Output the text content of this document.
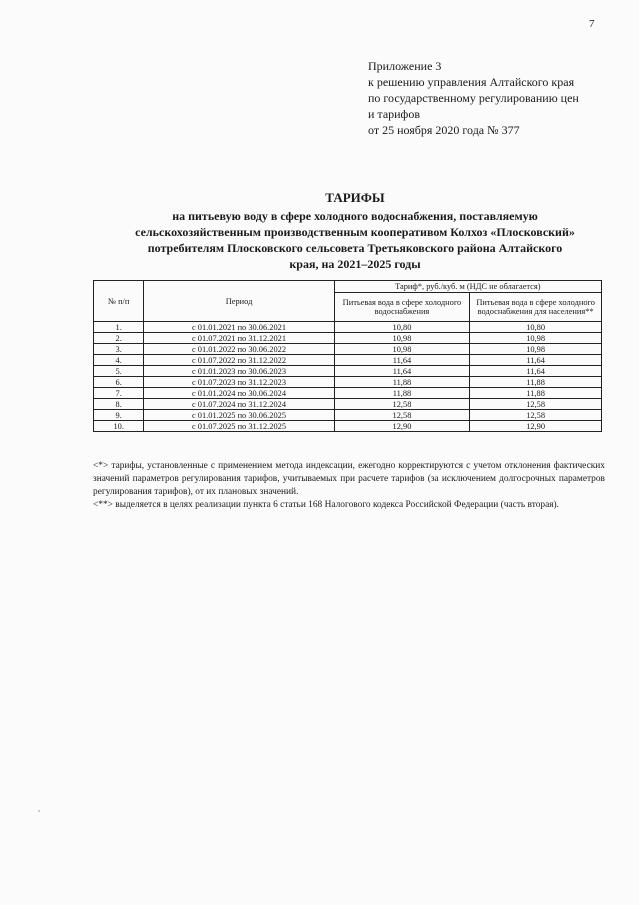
7
Приложение 3
к решению управления Алтайского края
по государственному регулированию цен
и тарифов
от 25 ноября 2020 года № 377
ТАРИФЫ
на питьевую воду в сфере холодного водоснабжения, поставляемую
сельскохозяйственным производственным кооперативом Колхоз «Плосковский»
потребителям Плосковского сельсовета Третьяковского района Алтайского
края, на 2021–2025 годы
№ п/п	Период	Тариф*, руб./куб. м (НДС не облагается)	
		Питьевая вода в сфере холодного водоснабжения	Питьевая вода в сфере холодного водоснабжения для населения**
1.	с 01.01.2021 по 30.06.2021	10,80	10,80
2.	с 01.07.2021 по 31.12.2021	10,98	10,98
3.	с 01.01.2022 по 30.06.2022	10,98	10,98
4.	с 01.07.2022 по 31.12.2022	11,64	11,64
5.	с 01.01.2023 по 30.06.2023	11,64	11,64
6.	с 01.07.2023 по 31.12.2023	11,88	11,88
7.	с 01.01.2024 по 30.06.2024	11,88	11,88
8.	с 01.07.2024 по 31.12.2024	12,58	12,58
9.	с 01.01.2025 по 30.06.2025	12,58	12,58
10.	с 01.07.2025 по 31.12.2025	12,90	12,90

<*> тарифы, установленные с применением метода индексации, ежегодно корректируются с учетом отклонения фактических значений параметров регулирования тарифов, учитываемых при расчете тарифов (за исключением долгосрочных параметров регулирования тарифов), от их плановых значений.

<**> выделяется в целях реализации пункта 6 статьи 168 Налогового кодекса Российской Федерации (часть вторая).
